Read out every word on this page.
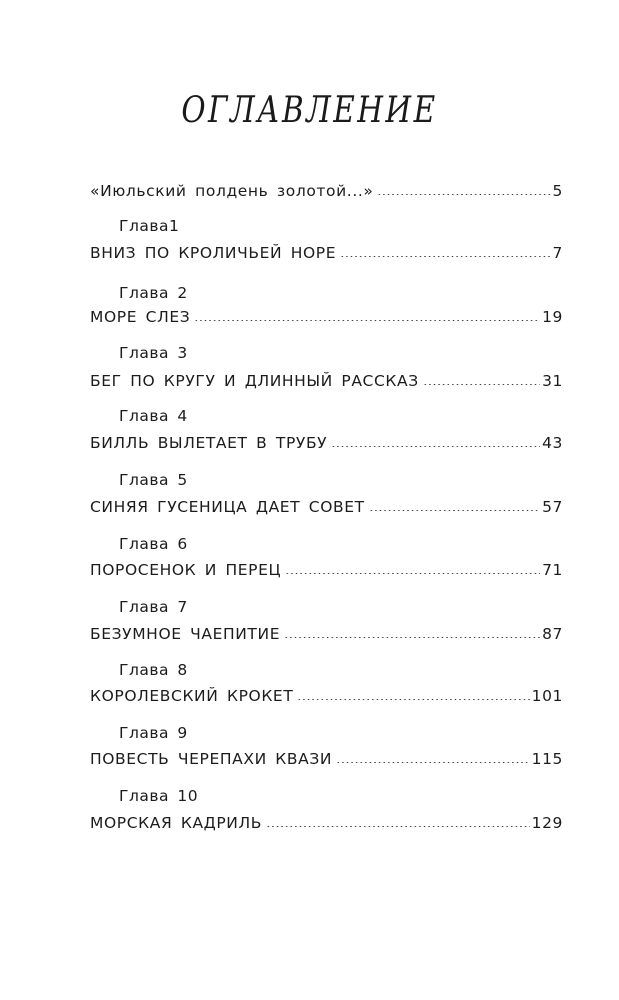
ОГЛАВЛЕНИЕ
«Июльский полдень золотой...»	5
Глава1
ВНИЗ ПО КРОЛИЧЬЕЙ НОРЕ	7
Глава 2
МОРЕ СЛЕЗ	19
Глава 3
БЕГ ПО КРУГУ И ДЛИННЫЙ РАССКАЗ	31
Глава 4
БИЛЛЬ ВЫЛЕТАЕТ В ТРУБУ	43
Глава 5
СИНЯЯ ГУСЕНИЦА ДАЕТ СОВЕТ	57
Глава 6
ПОРОСЕНОК И ПЕРЕЦ	71
Глава 7
БЕЗУМНОЕ ЧАЕПИТИЕ	87
Глава 8
КОРОЛЕВСКИЙ КРОКЕТ	101
Глава 9
ПОВЕСТЬ ЧЕРЕПАХИ КВАЗИ	115
Глава 10
МОРСКАЯ КАДРИЛЬ	129
